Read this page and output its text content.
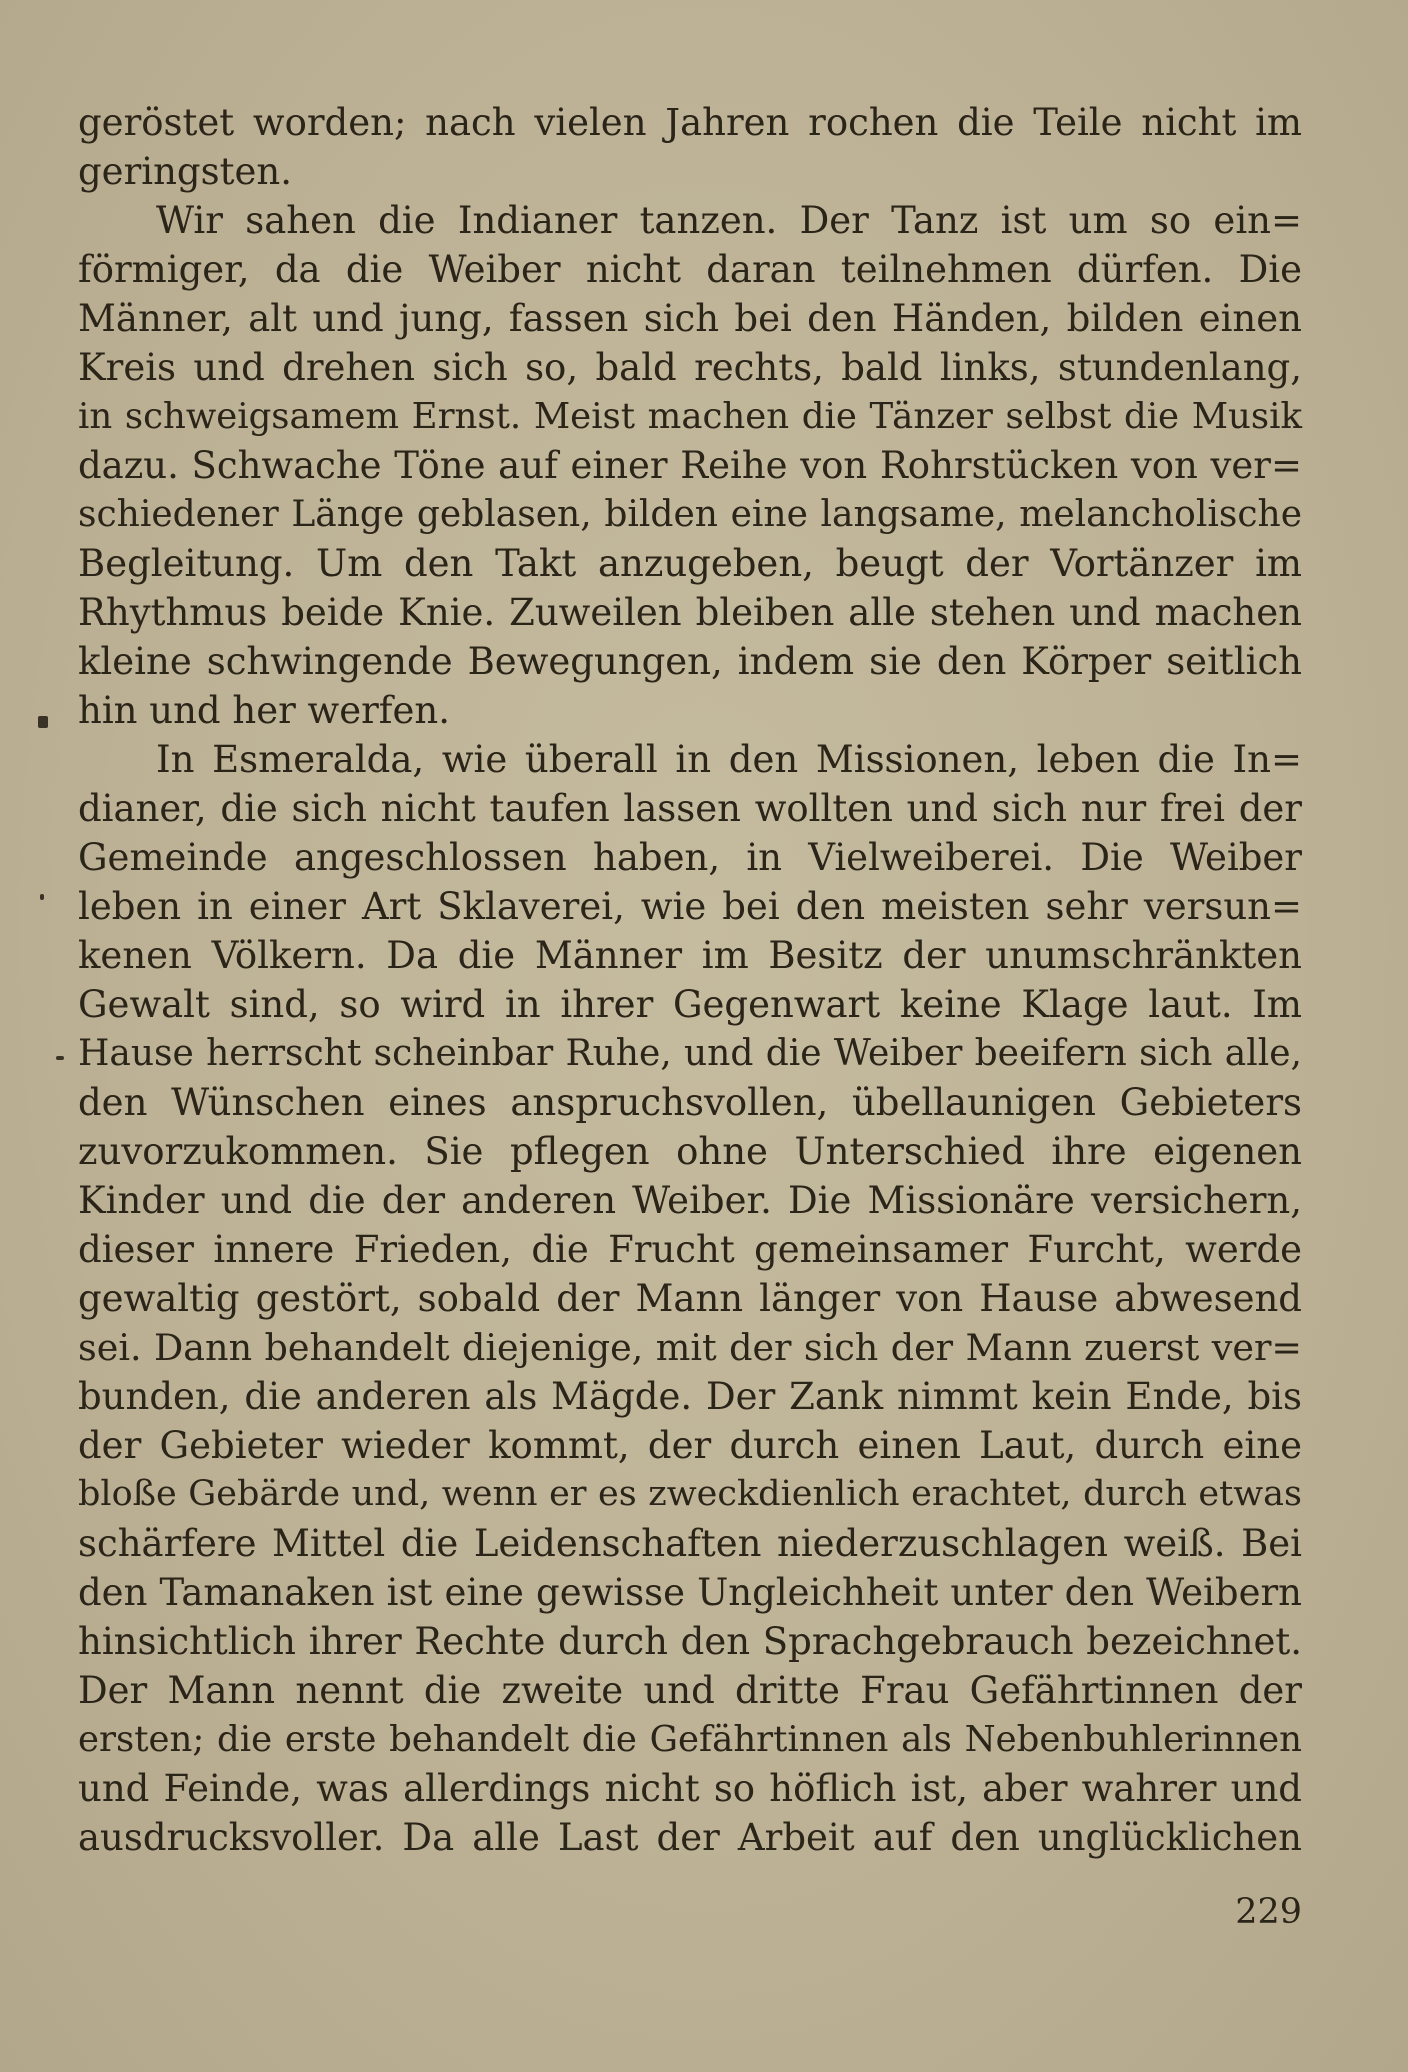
geröstet worden; nach vielen Jahren rochen die Teile nicht im
geringsten.
Wir sahen die Indianer tanzen. Der Tanz ist um so ein=
förmiger, da die Weiber nicht daran teilnehmen dürfen. Die
Männer, alt und jung, fassen sich bei den Händen, bilden einen
Kreis und drehen sich so, bald rechts, bald links, stundenlang,
in schweigsamem Ernst. Meist machen die Tänzer selbst die Musik
dazu. Schwache Töne auf einer Reihe von Rohrstücken von ver=
schiedener Länge geblasen, bilden eine langsame, melancholische
Begleitung. Um den Takt anzugeben, beugt der Vortänzer im
Rhythmus beide Knie. Zuweilen bleiben alle stehen und machen
kleine schwingende Bewegungen, indem sie den Körper seitlich
hin und her werfen.
In Esmeralda, wie überall in den Missionen, leben die In=
dianer, die sich nicht taufen lassen wollten und sich nur frei der
Gemeinde angeschlossen haben, in Vielweiberei. Die Weiber
leben in einer Art Sklaverei, wie bei den meisten sehr versun=
kenen Völkern. Da die Männer im Besitz der unumschränkten
Gewalt sind, so wird in ihrer Gegenwart keine Klage laut. Im
Hause herrscht scheinbar Ruhe, und die Weiber beeifern sich alle,
den Wünschen eines anspruchsvollen, übellaunigen Gebieters
zuvorzukommen. Sie pflegen ohne Unterschied ihre eigenen
Kinder und die der anderen Weiber. Die Missionäre versichern,
dieser innere Frieden, die Frucht gemeinsamer Furcht, werde
gewaltig gestört, sobald der Mann länger von Hause abwesend
sei. Dann behandelt diejenige, mit der sich der Mann zuerst ver=
bunden, die anderen als Mägde. Der Zank nimmt kein Ende, bis
der Gebieter wieder kommt, der durch einen Laut, durch eine
bloße Gebärde und, wenn er es zweckdienlich erachtet, durch etwas
schärfere Mittel die Leidenschaften niederzuschlagen weiß. Bei
den Tamanaken ist eine gewisse Ungleichheit unter den Weibern
hinsichtlich ihrer Rechte durch den Sprachgebrauch bezeichnet.
Der Mann nennt die zweite und dritte Frau Gefährtinnen der
ersten; die erste behandelt die Gefährtinnen als Nebenbuhlerinnen
und Feinde, was allerdings nicht so höflich ist, aber wahrer und
ausdrucksvoller. Da alle Last der Arbeit auf den unglücklichen
229
